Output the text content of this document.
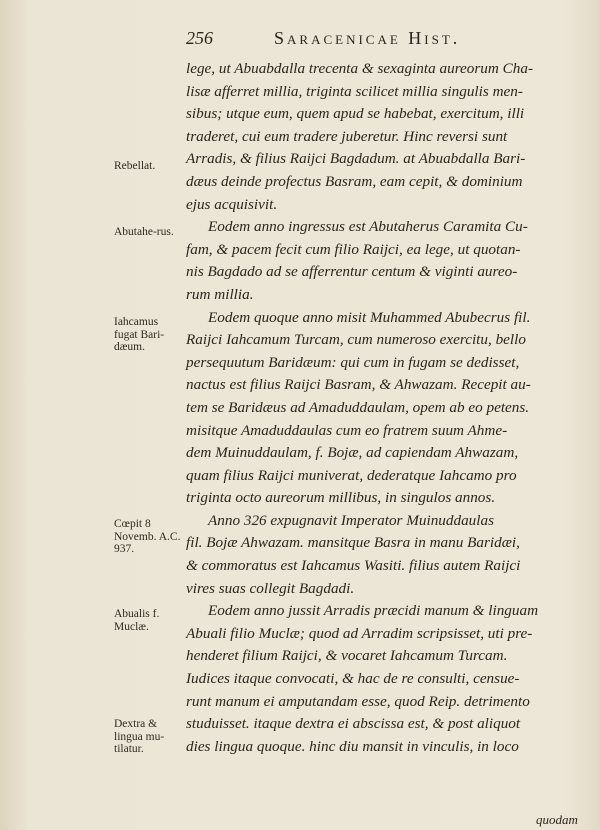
256	Saracenicae Hist.
lege, ut Abuabdalla trecenta & sexaginta aureorum Cha-
lisæ afferret millia, triginta scilicet millia singulis men-
sibus; utque eum, quem apud se habebat, exercitum, illi
traderet, cui eum tradere juberetur. Hinc reversi sunt
Arradis, & filius Raijci Bagdadum. at Abuabdalla Bari-
dæus deinde profectus Basram, eam cepit, & dominium
ejus acquisivit.
Eodem anno ingressus est Abutaherus Caramita Cu-
fam, & pacem fecit cum filio Raijci, ea lege, ut quotan-
nis Bagdado ad se afferrentur centum & viginti aureo-
rum millia.
Eodem quoque anno misit Muhammed Abubecrus fil.
Raijci Iahcamum Turcam, cum numeroso exercitu, bello
persequutum Baridæum: qui cum in fugam se dedisset,
nactus est filius Raijci Basram, & Ahwazam. Recepit au-
tem se Baridæus ad Amaduddaulam, opem ab eo petens.
misitque Amaduddaulas cum eo fratrem suum Ahme-
dem Muinuddaulam, f. Bojæ, ad capiendam Ahwazam,
quam filius Raijci muniverat, dederatque Iahcamo pro
triginta octo aureorum millibus, in singulos annos.
Anno 326 expugnavit Imperator Muinuddaulas
fil. Bojæ Ahwazam. mansitque Basra in manu Baridæi,
& commoratus est Iahcamus Wasiti. filius autem Raijci
vires suas collegit Bagdadi.
Eodem anno jussit Arradis præcidi manum & linguam
Abuali filio Muclæ; quod ad Arradim scripsisset, uti pre-
henderet filium Raijci, & vocaret Iahcamum Turcam.
Iudices itaque convocati, & hac de re consulti, censue-
runt manum ei amputandam esse, quod Reip. detrimento
studuisset. itaque dextra ei abscissa est, & post aliquot
dies lingua quoque. hinc diu mansit in vinculis, in loco
Rebellat.
Abutahe-rus.
Iahcamus fugat Bari-dæum.
Cœpit 8 Novemb. A.C. 937.
Abualis f. Muclæ.
Dextra & lingua mu-tilatur.
quodam
